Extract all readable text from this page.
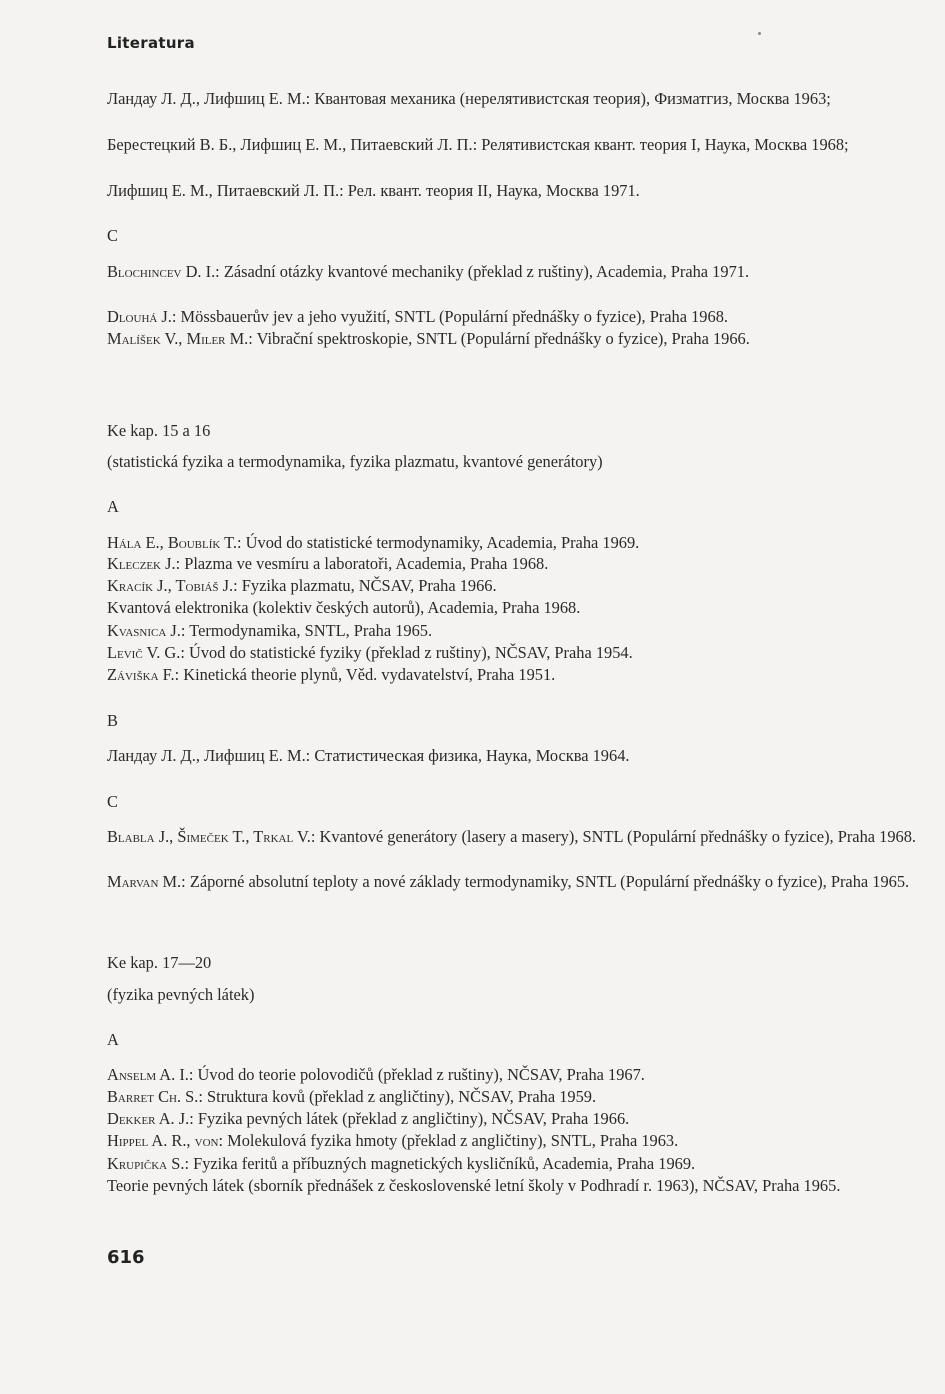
Literatura
Ландау Л. Д., Лифшиц Е. М.: Квантовая механика (нерелятивистская теория), Физматгиз, Москва 1963;
Берестецкий В. Б., Лифшиц Е. М., Питаевский Л. П.: Релятивистская квант. теория I, Наука, Москва 1968;
Лифшиц Е. М., Питаевский Л. П.: Рел. квант. теория II, Наука, Москва 1971.
C
Blochincev D. I.: Zásadní otázky kvantové mechaniky (překlad z ruštiny), Academia, Praha 1971.
Dlouhá J.: Mössbauerův jev a jeho využití, SNTL (Populární přednášky o fyzice), Praha 1968.
Malíšek V., Miler M.: Vibrační spektroskopie, SNTL (Populární přednášky o fyzice), Praha 1966.
Ke kap. 15 a 16
(statistická fyzika a termodynamika, fyzika plazmatu, kvantové generátory)
A
Hála E., Boublík T.: Úvod do statistické termodynamiky, Academia, Praha 1969.
Kleczek J.: Plazma ve vesmíru a laboratoři, Academia, Praha 1968.
Kracík J., Tobiáš J.: Fyzika plazmatu, NČSAV, Praha 1966.
Kvantová elektronika (kolektiv českých autorů), Academia, Praha 1968.
Kvasnica J.: Termodynamika, SNTL, Praha 1965.
Levič V. G.: Úvod do statistické fyziky (překlad z ruštiny), NČSAV, Praha 1954.
Záviška F.: Kinetická theorie plynů, Věd. vydavatelství, Praha 1951.
B
Ландау Л. Д., Лифшиц Е. М.: Статистическая физика, Наука, Москва 1964.
C
Blabla J., Šimeček T., Trkal V.: Kvantové generátory (lasery a masery), SNTL (Populární přednášky o fyzice), Praha 1968.
Marvan M.: Záporné absolutní teploty a nové základy termodynamiky, SNTL (Populární přednášky o fyzice), Praha 1965.
Ke kap. 17—20
(fyzika pevných látek)
A
Anselm A. I.: Úvod do teorie polovodičů (překlad z ruštiny), NČSAV, Praha 1967.
Barret Ch. S.: Struktura kovů (překlad z angličtiny), NČSAV, Praha 1959.
Dekker A. J.: Fyzika pevných látek (překlad z angličtiny), NČSAV, Praha 1966.
Hippel A. R., von: Molekulová fyzika hmoty (překlad z angličtiny), SNTL, Praha 1963.
Krupička S.: Fyzika feritů a příbuzných magnetických kysličníků, Academia, Praha 1969.
Teorie pevných látek (sborník přednášek z československé letní školy v Podhradí r. 1963), NČSAV, Praha 1965.
616
